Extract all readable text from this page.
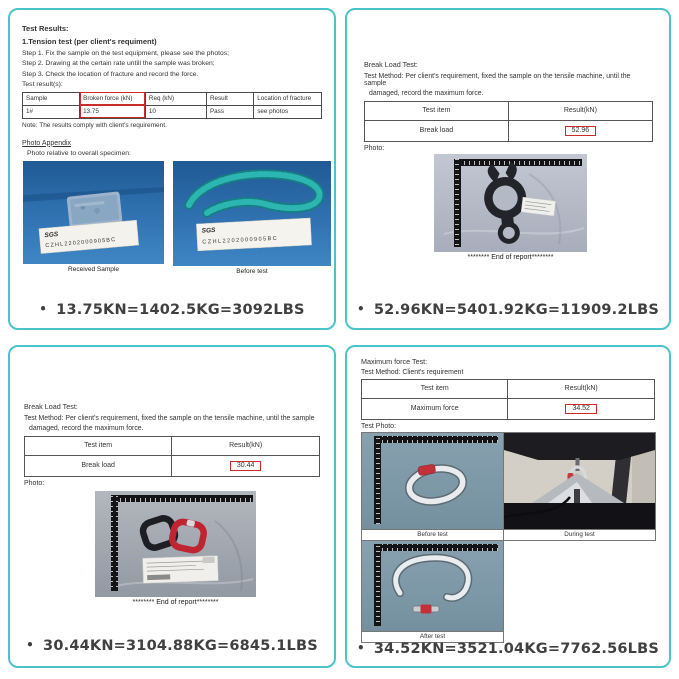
Test Results:
1.Tension test (per client's requiment)
Step 1. Fix the sample on the test equipment, please see the photos;
Step 2. Drawing at the certain rate untill the sample was broken;
Step 3. Check the location of fracture and record the force.
Test result(s):
Sample	Broken force (kN)	Req (kN)	Result	Location of fracture
1#	13.75	10	Pass	see photos
Note: The results comply with client's requirement.
Photo Appendix
Photo relative to overall specimen:
SGS
CZHL2202000905BC
Received Sample
SGS
CZHL2202000905BC
Before test
• 13.75KN=1402.5KG=3092LBS
Break Load Test:
Test Method: Per client's requirement, fixed the sample on the tensile machine, until the sample
damaged, record the maximum force.
Test item	Result(kN)
Break load	52.96
Photo:
******** End of report********
• 52.96KN=5401.92KG=11909.2LBS
Break Load Test:
Test Method: Per client's requirement, fixed the sample on the tensile machine, until the sample
damaged, record the maximum force.
Test item	Result(kN)
Break load	30.44
Photo:
******** End of report********
• 30.44KN=3104.88KG=6845.1LBS
Maximum force Test:
Test Method: Client's requirement
Test item	Result(kN)
Maximum force	34.52
Test Photo:

Before test	During test

After test	
• 34.52KN=3521.04KG=7762.56LBS
